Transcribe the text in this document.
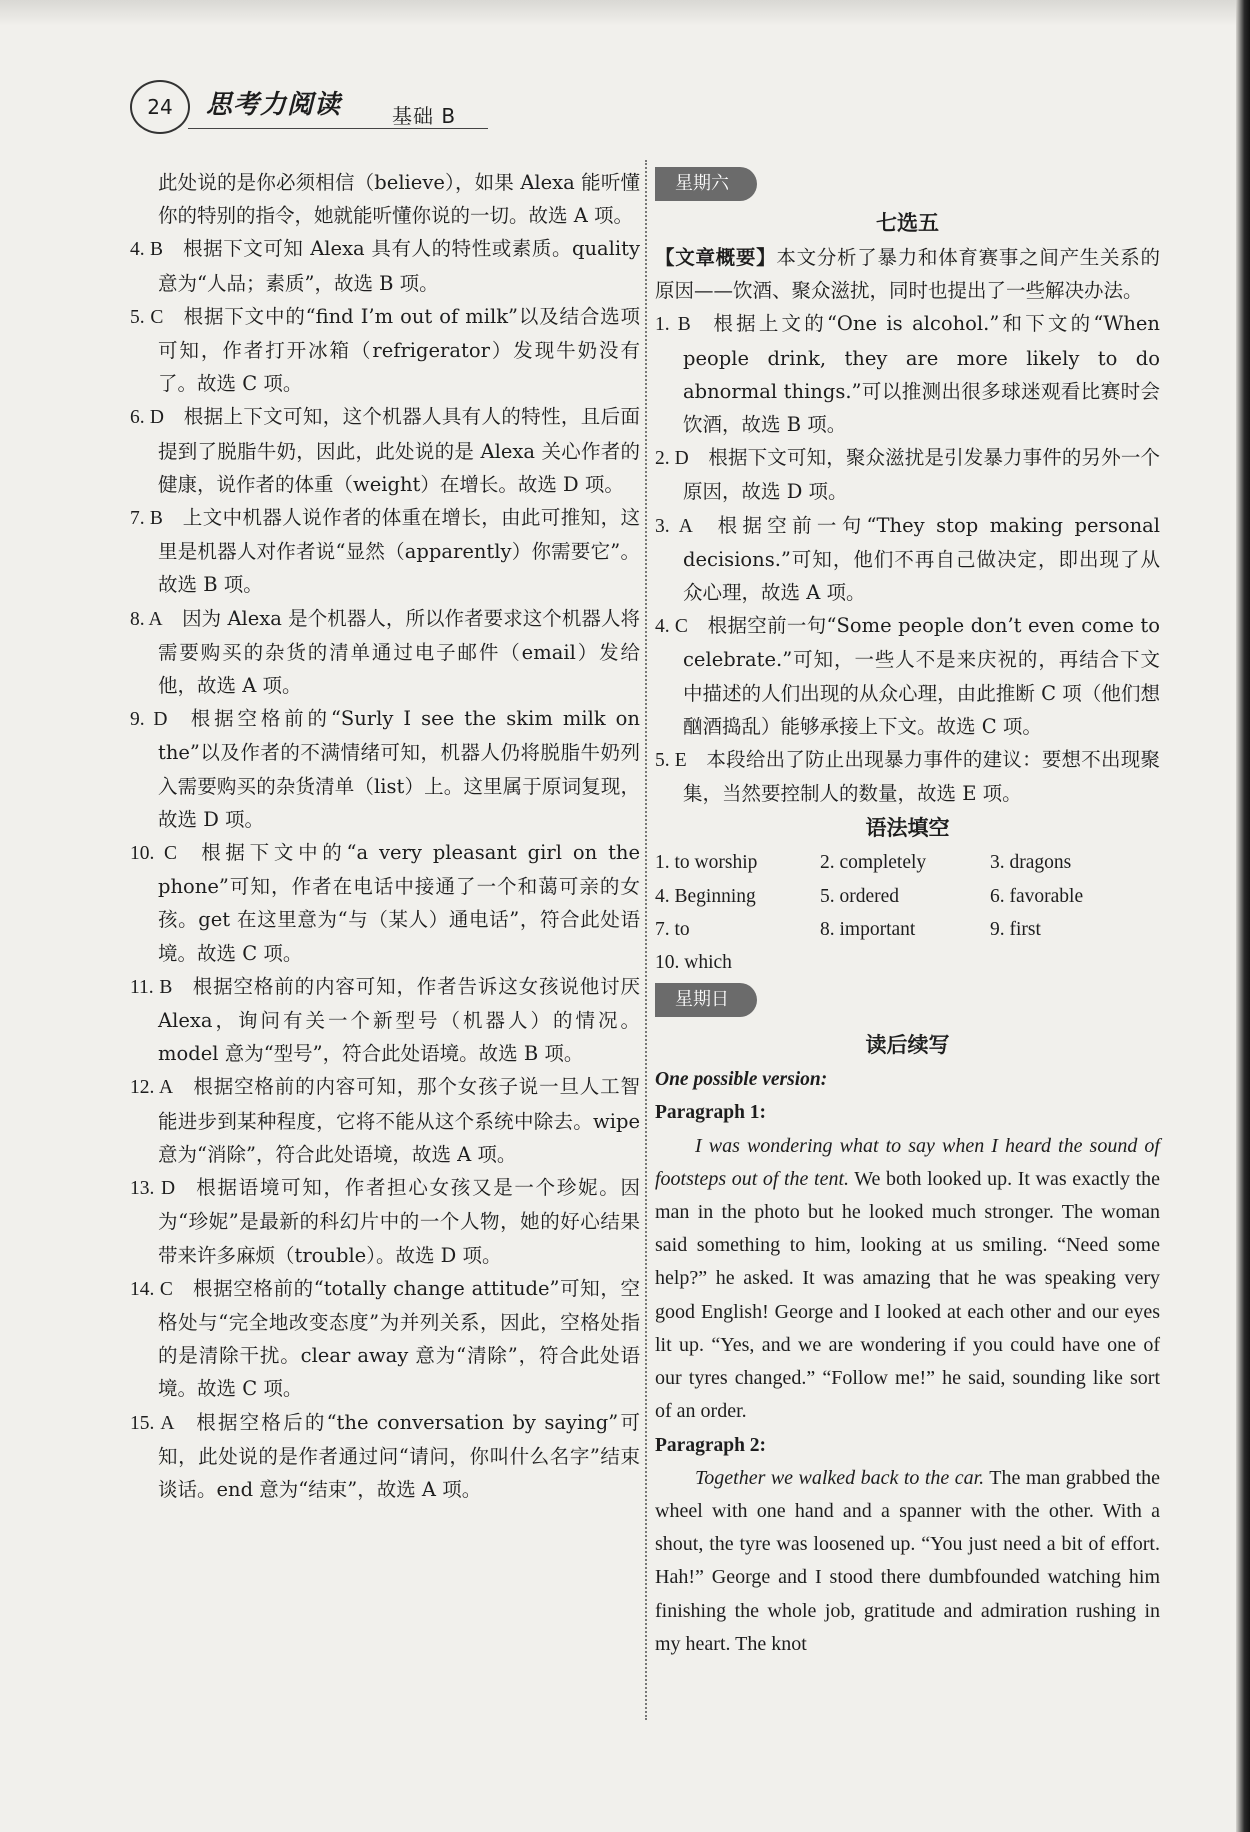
24	思考力阅读	基础 B

此处说的是你必须相信（believe），如果 Alexa 能听懂你的特别的指令，她就能听懂你说的一切。故选 A 项。

4. B  根据下文可知 Alexa 具有人的特性或素质。quality 意为“人品；素质”，故选 B 项。

5. C  根据下文中的“find I’m out of milk”以及结合选项可知，作者打开冰箱（refrigerator）发现牛奶没有了。故选 C 项。

6. D  根据上下文可知，这个机器人具有人的特性，且后面提到了脱脂牛奶，因此，此处说的是 Alexa 关心作者的健康，说作者的体重（weight）在增长。故选 D 项。

7. B  上文中机器人说作者的体重在增长，由此可推知，这里是机器人对作者说“显然（apparently）你需要它”。故选 B 项。

8. A  因为 Alexa 是个机器人，所以作者要求这个机器人将需要购买的杂货的清单通过电子邮件（email）发给他，故选 A 项。

9. D  根据空格前的“Surly I see the skim milk on the”以及作者的不满情绪可知，机器人仍将脱脂牛奶列入需要购买的杂货清单（list）上。这里属于原词复现，故选 D 项。

10. C  根据下文中的“a very pleasant girl on the phone”可知，作者在电话中接通了一个和蔼可亲的女孩。get 在这里意为“与（某人）通电话”，符合此处语境。故选 C 项。

11. B  根据空格前的内容可知，作者告诉这女孩说他讨厌 Alexa，询问有关一个新型号（机器人）的情况。model 意为“型号”，符合此处语境。故选 B 项。

12. A  根据空格前的内容可知，那个女孩子说一旦人工智能进步到某种程度，它将不能从这个系统中除去。wipe 意为“消除”，符合此处语境，故选 A 项。

13. D  根据语境可知，作者担心女孩又是一个珍妮。因为“珍妮”是最新的科幻片中的一个人物，她的好心结果带来许多麻烦（trouble）。故选 D 项。

14. C  根据空格前的“totally change attitude”可知，空格处与“完全地改变态度”为并列关系，因此，空格处指的是清除干扰。clear away 意为“清除”，符合此处语境。故选 C 项。

15. A  根据空格后的“the conversation by saying”可知，此处说的是作者通过问“请问，你叫什么名字”结束谈话。end 意为“结束”，故选 A 项。

星期六

七选五

【文章概要】本文分析了暴力和体育赛事之间产生关系的原因——饮酒、聚众滋扰，同时也提出了一些解决办法。

1. B  根据上文的“One is alcohol.”和下文的“When people drink, they are more likely to do abnormal things.”可以推测出很多球迷观看比赛时会饮酒，故选 B 项。

2. D  根据下文可知，聚众滋扰是引发暴力事件的另外一个原因，故选 D 项。

3. A  根据空前一句“They stop making personal decisions.”可知，他们不再自己做决定，即出现了从众心理，故选 A 项。

4. C  根据空前一句“Some people don’t even come to celebrate.”可知，一些人不是来庆祝的，再结合下文中描述的人们出现的从众心理，由此推断 C 项（他们想酗酒捣乱）能够承接上下文。故选 C 项。

5. E  本段给出了防止出现暴力事件的建议：要想不出现聚集，当然要控制人的数量，故选 E 项。

语法填空

1. to worship	2. completely	3. dragons
4. Beginning	5. ordered	6. favorable
7. to	8. important	9. first
10. which
星期日

读后续写

One possible version:

Paragraph 1:

I was wondering what to say when I heard the sound of footsteps out of the tent. We both looked up. It was exactly the man in the photo but he looked much stronger. The woman said something to him, looking at us smiling. “Need some help?” he asked. It was amazing that he was speaking very good English! George and I looked at each other and our eyes lit up. “Yes, and we are wondering if you could have one of our tyres changed.” “Follow me!” he said, sounding like sort of an order.

Paragraph 2:

Together we walked back to the car. The man grabbed the wheel with one hand and a spanner with the other. With a shout, the tyre was loosened up. “You just need a bit of effort. Hah!” George and I stood there dumbfounded watching him finishing the whole job, gratitude and admiration rushing in my heart. The knot
